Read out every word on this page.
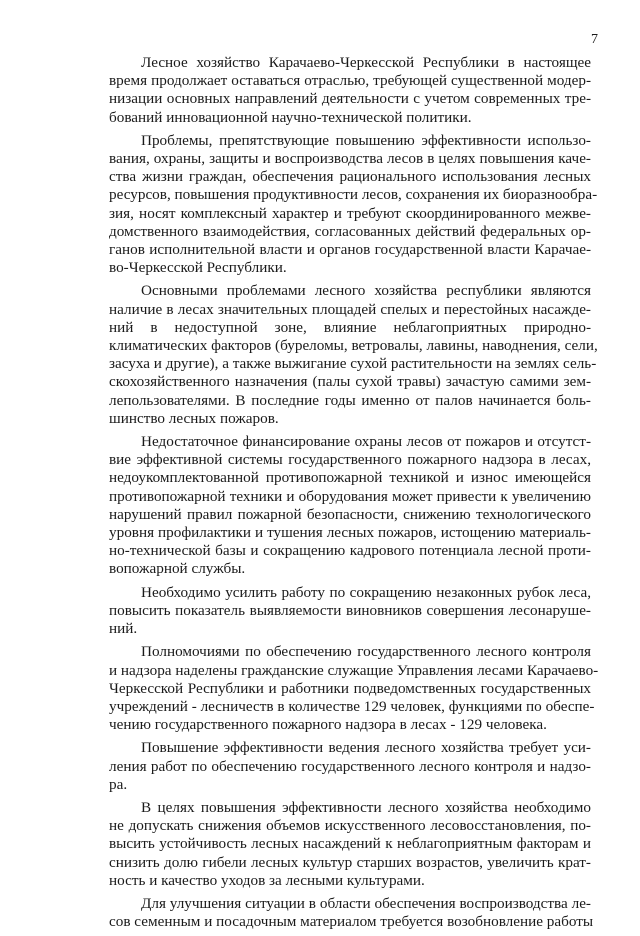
7
Лесное хозяйство Карачаево-Черкесской Республики в настоящее
время продолжает оставаться отраслью, требующей существенной модер-
низации основных направлений деятельности с учетом современных тре-
бований инновационной научно-технической политики.
Проблемы, препятствующие повышению эффективности использо-
вания, охраны, защиты и воспроизводства лесов в целях повышения каче-
ства жизни граждан, обеспечения рационального использования лесных
ресурсов, повышения продуктивности лесов, сохранения их биоразнообра-
зия, носят комплексный характер и требуют скоординированного межве-
домственного взаимодействия, согласованных действий федеральных ор-
ганов исполнительной власти и органов государственной власти Карачае-
во-Черкесской Республики.
Основными проблемами лесного хозяйства республики являются
наличие в лесах значительных площадей спелых и перестойных насажде-
ний в недоступной зоне, влияние неблагоприятных природно-
климатических факторов (буреломы, ветровалы, лавины, наводнения, сели,
засуха и другие), а также выжигание сухой растительности на землях сель-
скохозяйственного назначения (палы сухой травы) зачастую самими зем-
лепользователями. В последние годы именно от палов начинается боль-
шинство лесных пожаров.
Недостаточное финансирование охраны лесов от пожаров и отсутст-
вие эффективной системы государственного пожарного надзора в лесах,
недоукомплектованной противопожарной техникой и износ имеющейся
противопожарной техники и оборудования может привести к увеличению
нарушений правил пожарной безопасности, снижению технологического
уровня профилактики и тушения лесных пожаров, истощению материаль-
но-технической базы и сокращению кадрового потенциала лесной проти-
вопожарной службы.
Необходимо усилить работу по сокращению незаконных рубок леса,
повысить показатель выявляемости виновников совершения лесонаруше-
ний.
Полномочиями по обеспечению государственного лесного контроля
и надзора наделены гражданские служащие Управления лесами Карачаево-
Черкесской Республики и работники подведомственных государственных
учреждений - лесничеств в количестве 129 человек, функциями по обеспе-
чению государственного пожарного надзора в лесах - 129 человека.
Повышение эффективности ведения лесного хозяйства требует уси-
ления работ по обеспечению государственного лесного контроля и надзо-
ра.
В целях повышения эффективности лесного хозяйства необходимо
не допускать снижения объемов искусственного лесовосстановления, по-
высить устойчивость лесных насаждений к неблагоприятным факторам и
снизить долю гибели лесных культур старших возрастов, увеличить крат-
ность и качество уходов за лесными культурами.
Для улучшения ситуации в области обеспечения воспроизводства ле-
сов семенным и посадочным материалом требуется возобновление работы
